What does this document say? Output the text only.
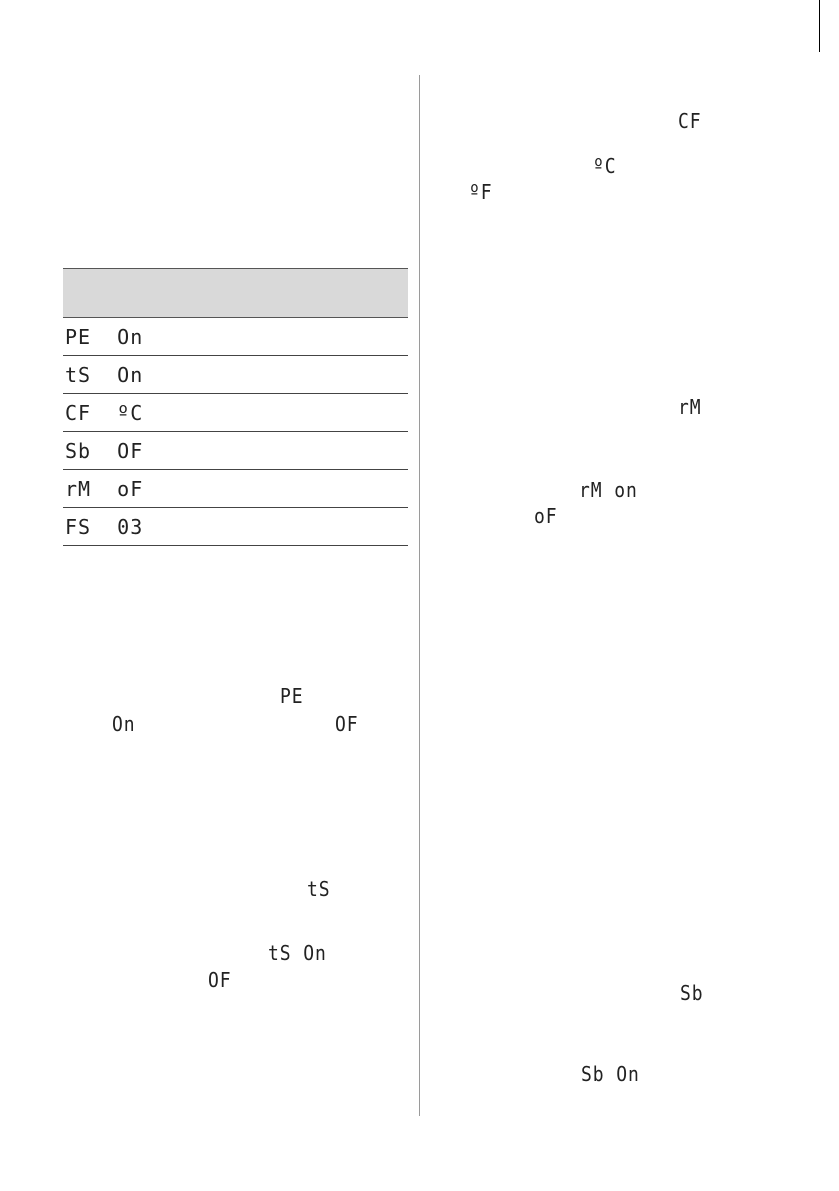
PE  On
tS  On
CF  ºC
Sb  OF
rM  oF
FS  03
PE
On	OF
tS
tS On
OF
CF
ºC
ºF
rM
rM on
oF
Sb
Sb On
